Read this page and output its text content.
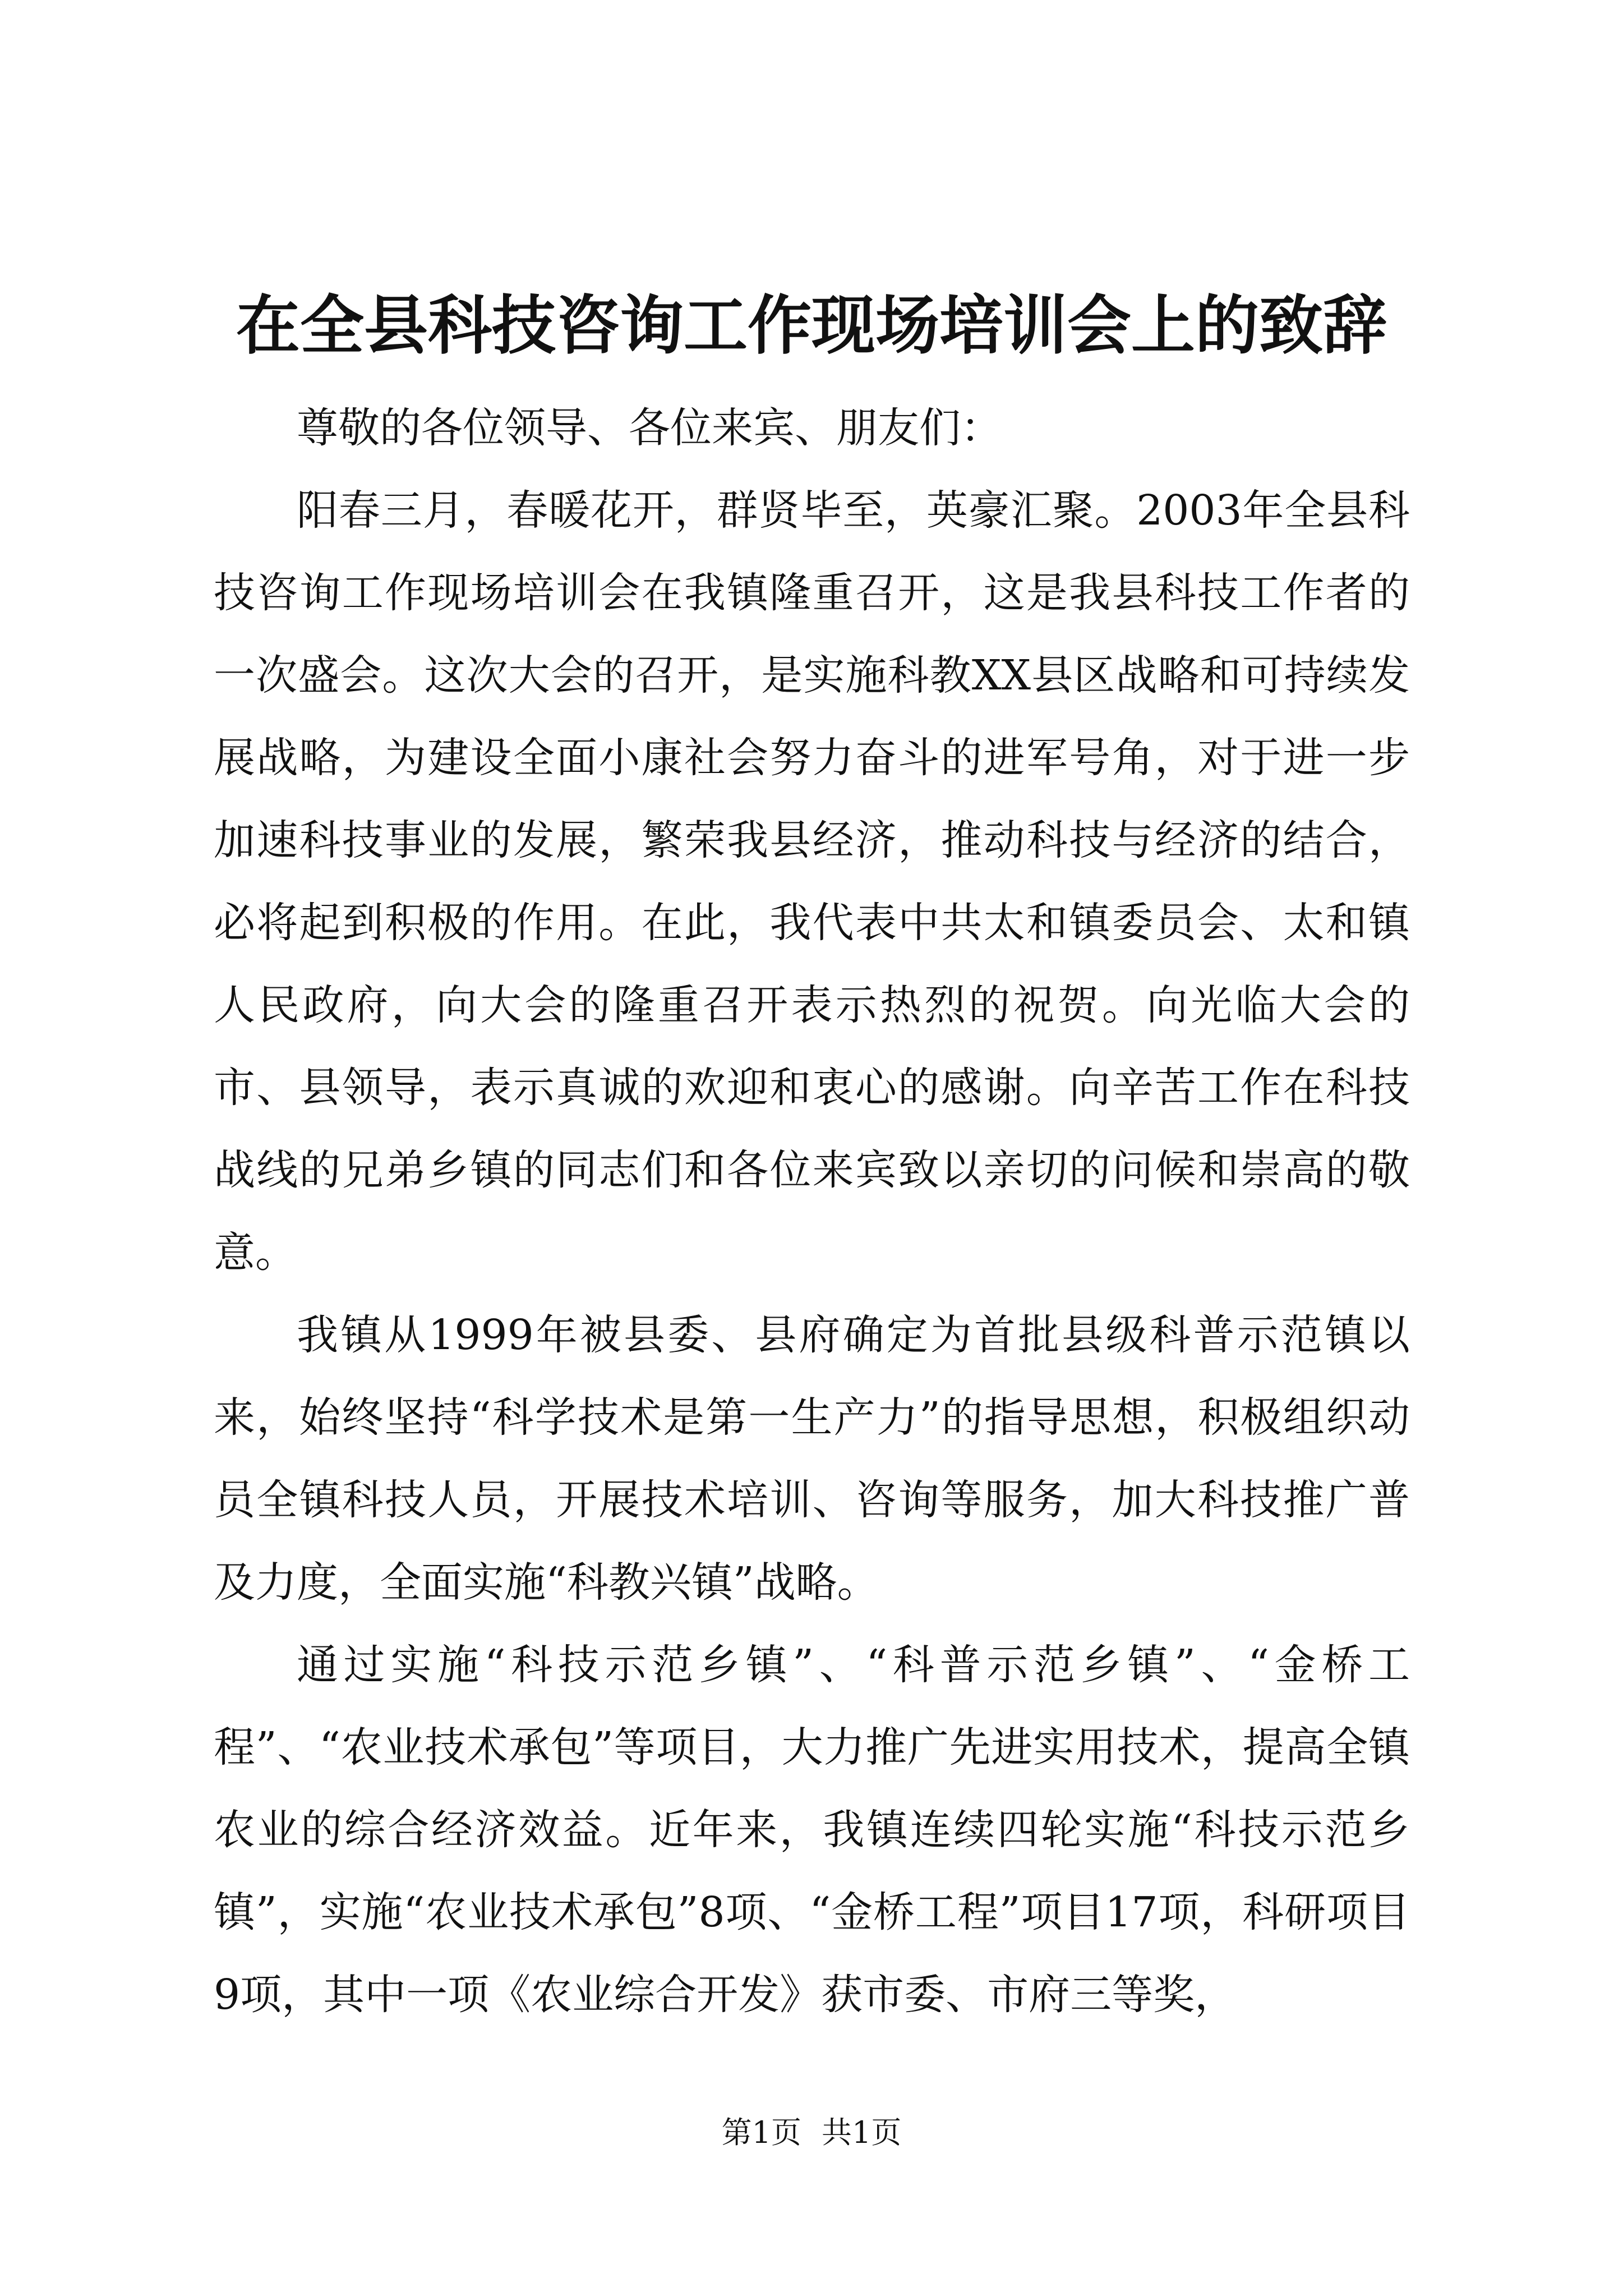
在全县科技咨询工作现场培训会上的致辞

尊敬的各位领导、各位来宾、朋友们：

阳春三月，春暖花开，群贤毕至，英豪汇聚。2003年全县科技咨询工作现场培训会在我镇隆重召开，这是我县科技工作者的一次盛会。这次大会的召开，是实施科教XX县区战略和可持续发展战略，为建设全面小康社会努力奋斗的进军号角，对于进一步加速科技事业的发展，繁荣我县经济，推动科技与经济的结合，必将起到积极的作用。在此，我代表中共太和镇委员会、太和镇人民政府，向大会的隆重召开表示热烈的祝贺。向光临大会的市、县领导，表示真诚的欢迎和衷心的感谢。向辛苦工作在科技战线的兄弟乡镇的同志们和各位来宾致以亲切的问候和崇高的敬意。

我镇从1999年被县委、县府确定为首批县级科普示范镇以来，始终坚持“科学技术是第一生产力”的指导思想，积极组织动员全镇科技人员，开展技术培训、咨询等服务，加大科技推广普及力度，全面实施“科教兴镇”战略。

通过实施“科技示范乡镇”、“科普示范乡镇”、“金桥工程”、“农业技术承包”等项目，大力推广先进实用技术，提高全镇农业的综合经济效益。近年来，我镇连续四轮实施“科技示范乡镇”，实施“农业技术承包”8项、“金桥工程”项目17项，科研项目9项，其中一项《农业综合开发》获市委、市府三等奖，

第1页 共1页
